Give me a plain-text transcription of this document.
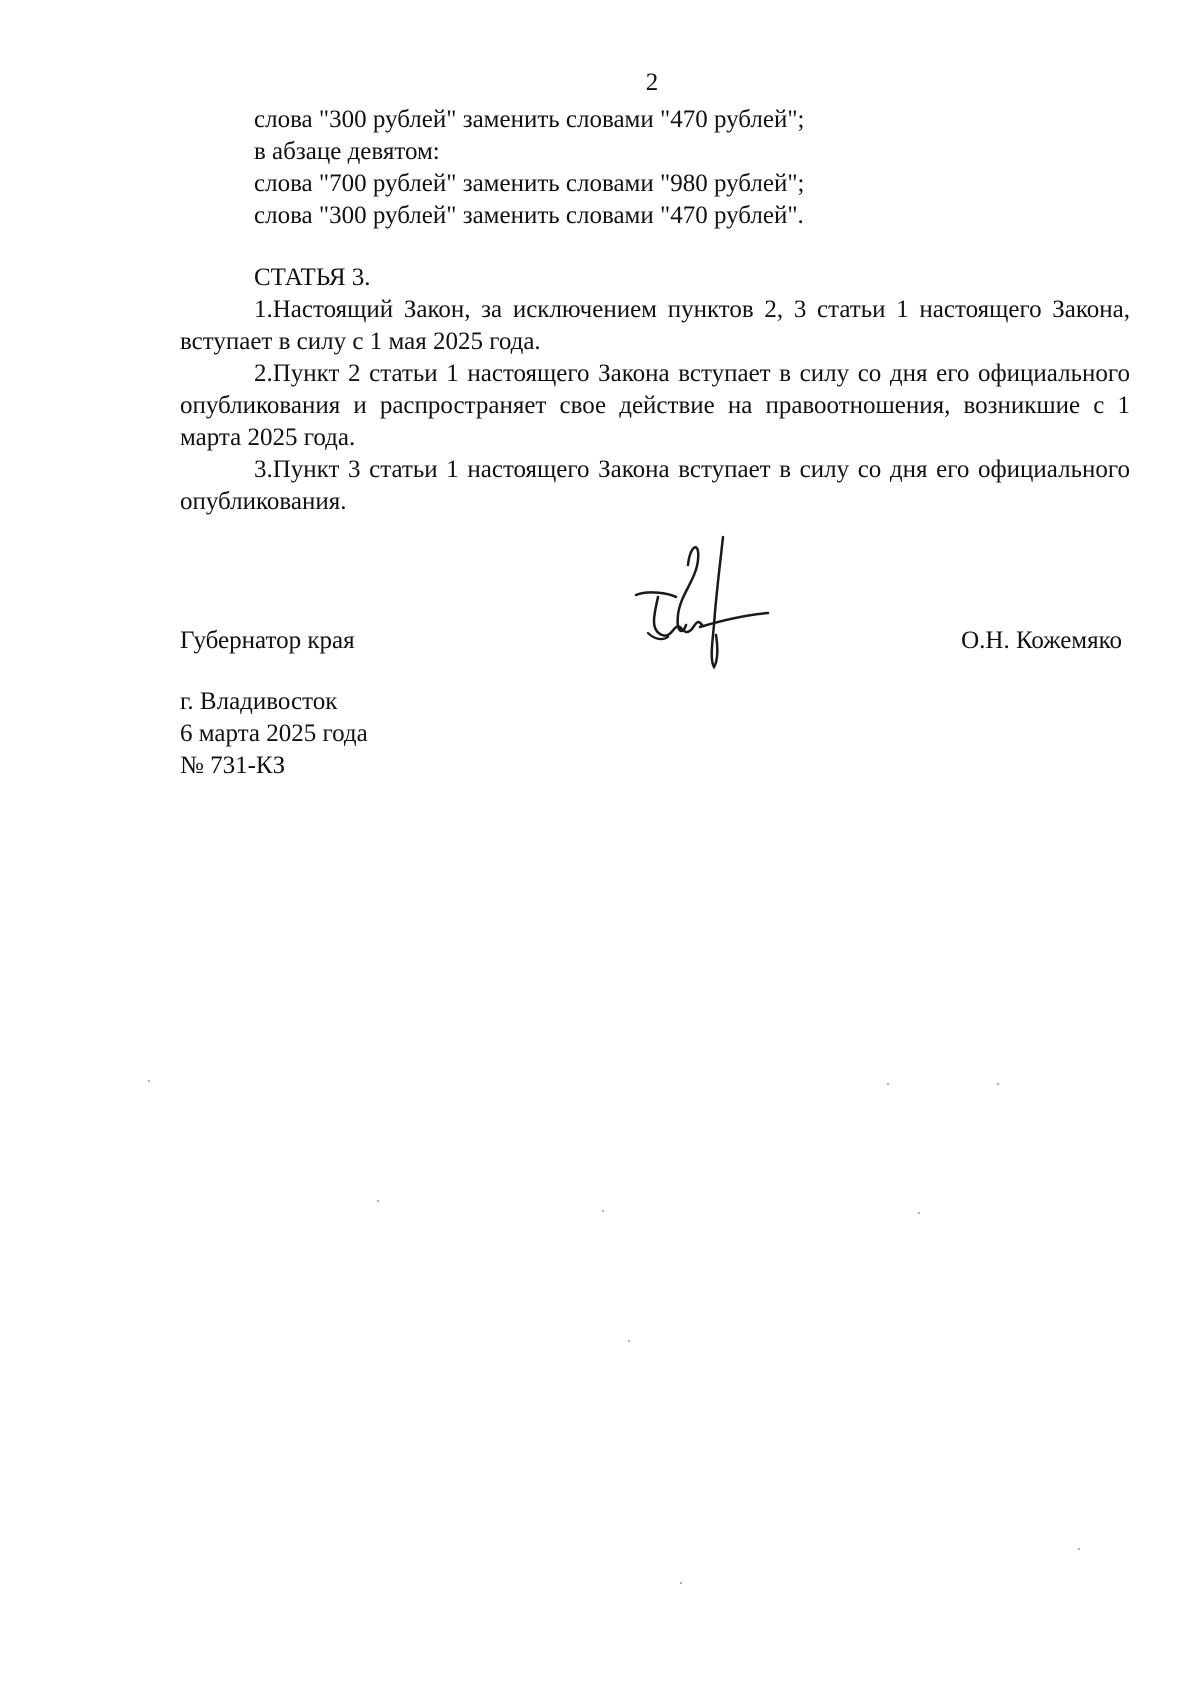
2
слова "300 рублей" заменить словами "470 рублей";
в абзаце девятом:
слова "700 рублей" заменить словами "980 рублей";
слова "300 рублей" заменить словами "470 рублей".
СТАТЬЯ 3.
1.Настоящий Закон, за исключением пунктов 2, 3 статьи 1 настоящего Закона, вступает в силу с 1 мая 2025 года.
2.Пункт 2 статьи 1 настоящего Закона вступает в силу со дня его официального опубликования и распространяет свое действие на правоотношения, возникшие с 1 марта 2025 года.
3.Пункт 3 статьи 1 настоящего Закона вступает в силу со дня его официального опубликования.
Губернатор края	О.Н. Кожемяко
г. Владивосток
6 марта 2025 года
№ 731-КЗ
